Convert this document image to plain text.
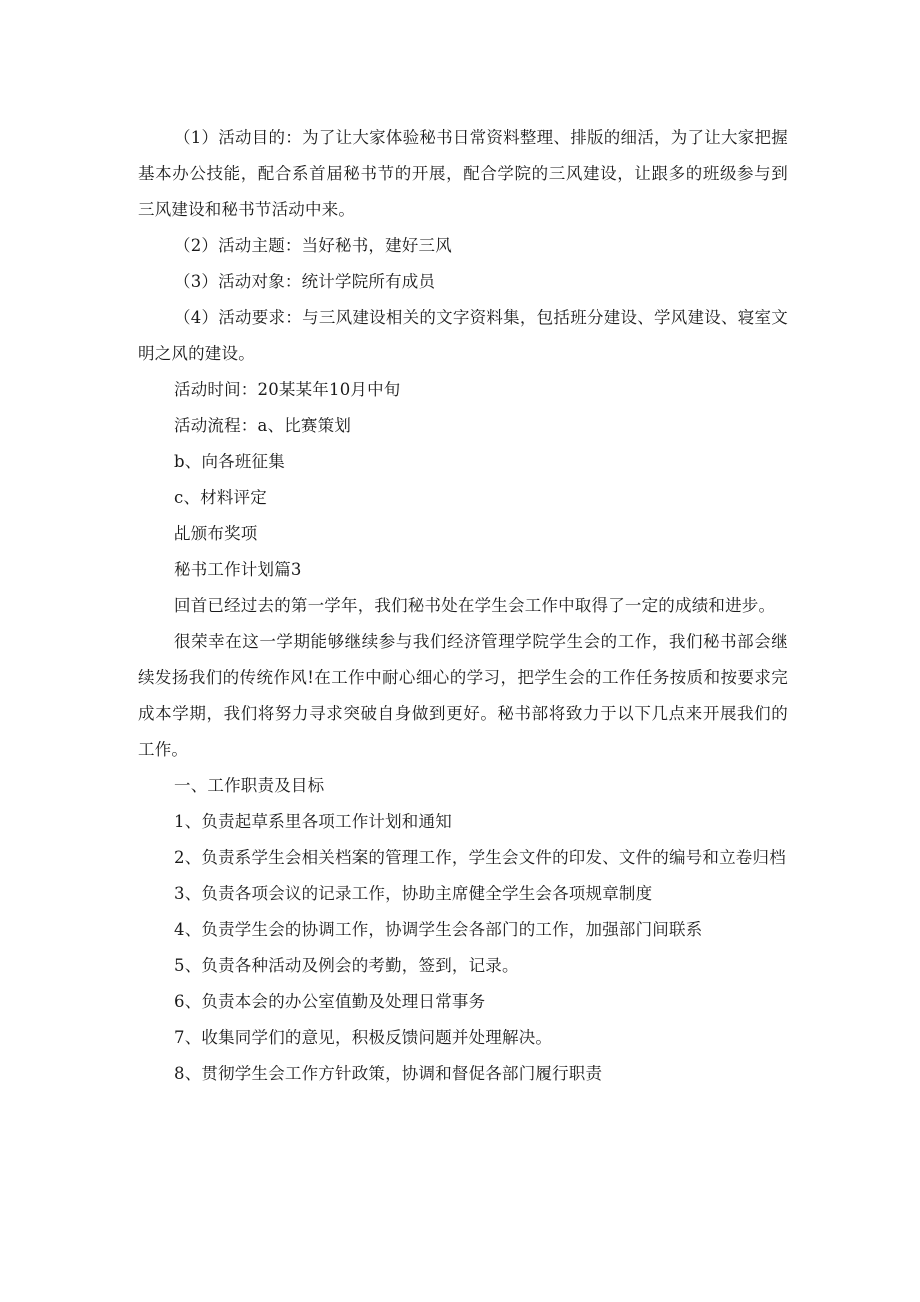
（1）活动目的：为了让大家体验秘书日常资料整理、排版的细活，为了让大家把握基本办公技能，配合系首届秘书节的开展，配合学院的三风建设，让跟多的班级参与到三风建设和秘书节活动中来。

（2）活动主题：当好秘书，建好三风

（3）活动对象：统计学院所有成员

（4）活动要求：与三风建设相关的文字资料集，包括班分建设、学风建设、寝室文明之风的建设。

活动时间：20某某年10月中旬

活动流程：a、比赛策划

b、向各班征集

c、材料评定

乩颁布奖项

秘书工作计划篇3

回首已经过去的第一学年，我们秘书处在学生会工作中取得了一定的成绩和进步。

很荣幸在这一学期能够继续参与我们经济管理学院学生会的工作，我们秘书部会继续发扬我们的传统作风!在工作中耐心细心的学习，把学生会的工作任务按质和按要求完成本学期，我们将努力寻求突破自身做到更好。秘书部将致力于以下几点来开展我们的工作。

一、工作职责及目标

1、负责起草系里各项工作计划和通知

2、负责系学生会相关档案的管理工作，学生会文件的印发、文件的编号和立卷归档

3、负责各项会议的记录工作，协助主席健全学生会各项规章制度

4、负责学生会的协调工作，协调学生会各部门的工作，加强部门间联系

5、负责各种活动及例会的考勤，签到，记录。

6、负责本会的办公室值勤及处理日常事务

7、收集同学们的意见，积极反馈问题并处理解决。

8、贯彻学生会工作方针政策，协调和督促各部门履行职责
